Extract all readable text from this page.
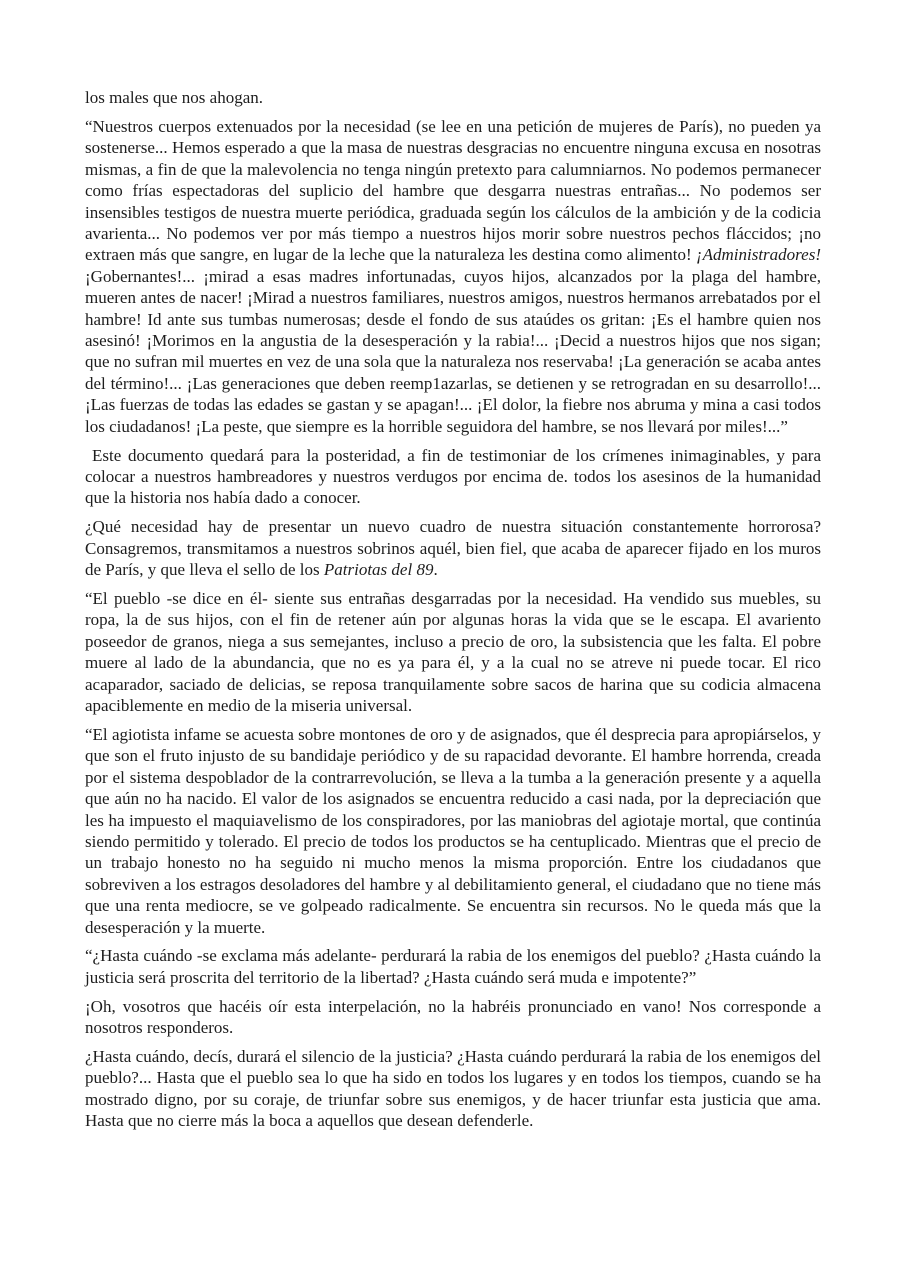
los males que nos ahogan.

“Nuestros cuerpos extenuados por la necesidad (se lee en una petición de mujeres de París), no pueden ya sostenerse... Hemos esperado a que la masa de nuestras desgracias no encuentre ninguna excusa en nosotras mismas, a fin de que la malevolencia no tenga ningún pretexto para calumniarnos. No podemos permanecer como frías espectadoras del suplicio del hambre que desgarra nuestras entrañas... No podemos ser insensibles testigos de nuestra muerte periódica, graduada según los cálculos de la ambición y de la codicia avarienta... No podemos ver por más tiempo a nuestros hijos morir sobre nuestros pechos fláccidos; ¡no extraen más que sangre, en lugar de la leche que la naturaleza les destina como alimento! ¡Administradores! ¡Gobernantes!... ¡mirad a esas madres infortunadas, cuyos hijos, alcanzados por la plaga del hambre, mueren antes de nacer! ¡Mirad a nuestros familiares, nuestros amigos, nuestros hermanos arrebatados por el hambre! Id ante sus tumbas numerosas; desde el fondo de sus ataúdes os gritan: ¡Es el hambre quien nos asesinó! ¡Morimos en la angustia de la desesperación y la rabia!... ¡Decid a nuestros hijos que nos sigan; que no sufran mil muertes en vez de una sola que la naturaleza nos reservaba! ¡La generación se acaba antes del término!... ¡Las generaciones que deben reemp1azarlas, se detienen y se retrogradan en su desarrollo!... ¡Las fuerzas de todas las edades se gastan y se apagan!... ¡El dolor, la fiebre nos abruma y mina a casi todos los ciudadanos! ¡La peste, que siempre es la horrible seguidora del hambre, se nos llevará por miles!...”

Este documento quedará para la posteridad, a fin de testimoniar de los crímenes inimaginables, y para colocar a nuestros hambreadores y nuestros verdugos por encima de. todos los asesinos de la humanidad que la historia nos había dado a conocer.

¿Qué necesidad hay de presentar un nuevo cuadro de nuestra situación constantemente horrorosa? Consagremos, transmitamos a nuestros sobrinos aquél, bien fiel, que acaba de aparecer fijado en los muros de París, y que lleva el sello de los Patriotas del 89.

“El pueblo -se dice en él- siente sus entrañas desgarradas por la necesidad. Ha vendido sus muebles, su ropa, la de sus hijos, con el fin de retener aún por algunas horas la vida que se le escapa. El avariento poseedor de granos, niega a sus semejantes, incluso a precio de oro, la subsistencia que les falta. El pobre muere al lado de la abundancia, que no es ya para él, y a la cual no se atreve ni puede tocar. El rico acaparador, saciado de delicias, se reposa tranquilamente sobre sacos de harina que su codicia almacena apaciblemente en medio de la miseria universal.

“El agiotista infame se acuesta sobre montones de oro y de asignados, que él desprecia para apropiárselos, y que son el fruto injusto de su bandidaje periódico y de su rapacidad devorante. El hambre horrenda, creada por el sistema despoblador de la contrarrevolución, se lleva a la tumba a la generación presente y a aquella que aún no ha nacido. El valor de los asignados se encuentra reducido a casi nada, por la depreciación que les ha impuesto el maquiavelismo de los conspiradores, por las maniobras del agiotaje mortal, que continúa siendo permitido y tolerado. El precio de todos los productos se ha centuplicado. Mientras que el precio de un trabajo honesto no ha seguido ni mucho menos la misma proporción. Entre los ciudadanos que sobreviven a los estragos desoladores del hambre y al debilitamiento general, el ciudadano que no tiene más que una renta mediocre, se ve golpeado radicalmente. Se encuentra sin recursos. No le queda más que la desesperación y la muerte.

“¿Hasta cuándo -se exclama más adelante- perdurará la rabia de los enemigos del pueblo? ¿Hasta cuándo la justicia será proscrita del territorio de la libertad? ¿Hasta cuándo será muda e impotente?”

¡Oh, vosotros que hacéis oír esta interpelación, no la habréis pronunciado en vano! Nos corresponde a nosotros responderos.

¿Hasta cuándo, decís, durará el silencio de la justicia? ¿Hasta cuándo perdurará la rabia de los enemigos del pueblo?... Hasta que el pueblo sea lo que ha sido en todos los lugares y en todos los tiempos, cuando se ha mostrado digno, por su coraje, de triunfar sobre sus enemigos, y de hacer triunfar esta justicia que ama. Hasta que no cierre más la boca a aquellos que desean defenderle.
